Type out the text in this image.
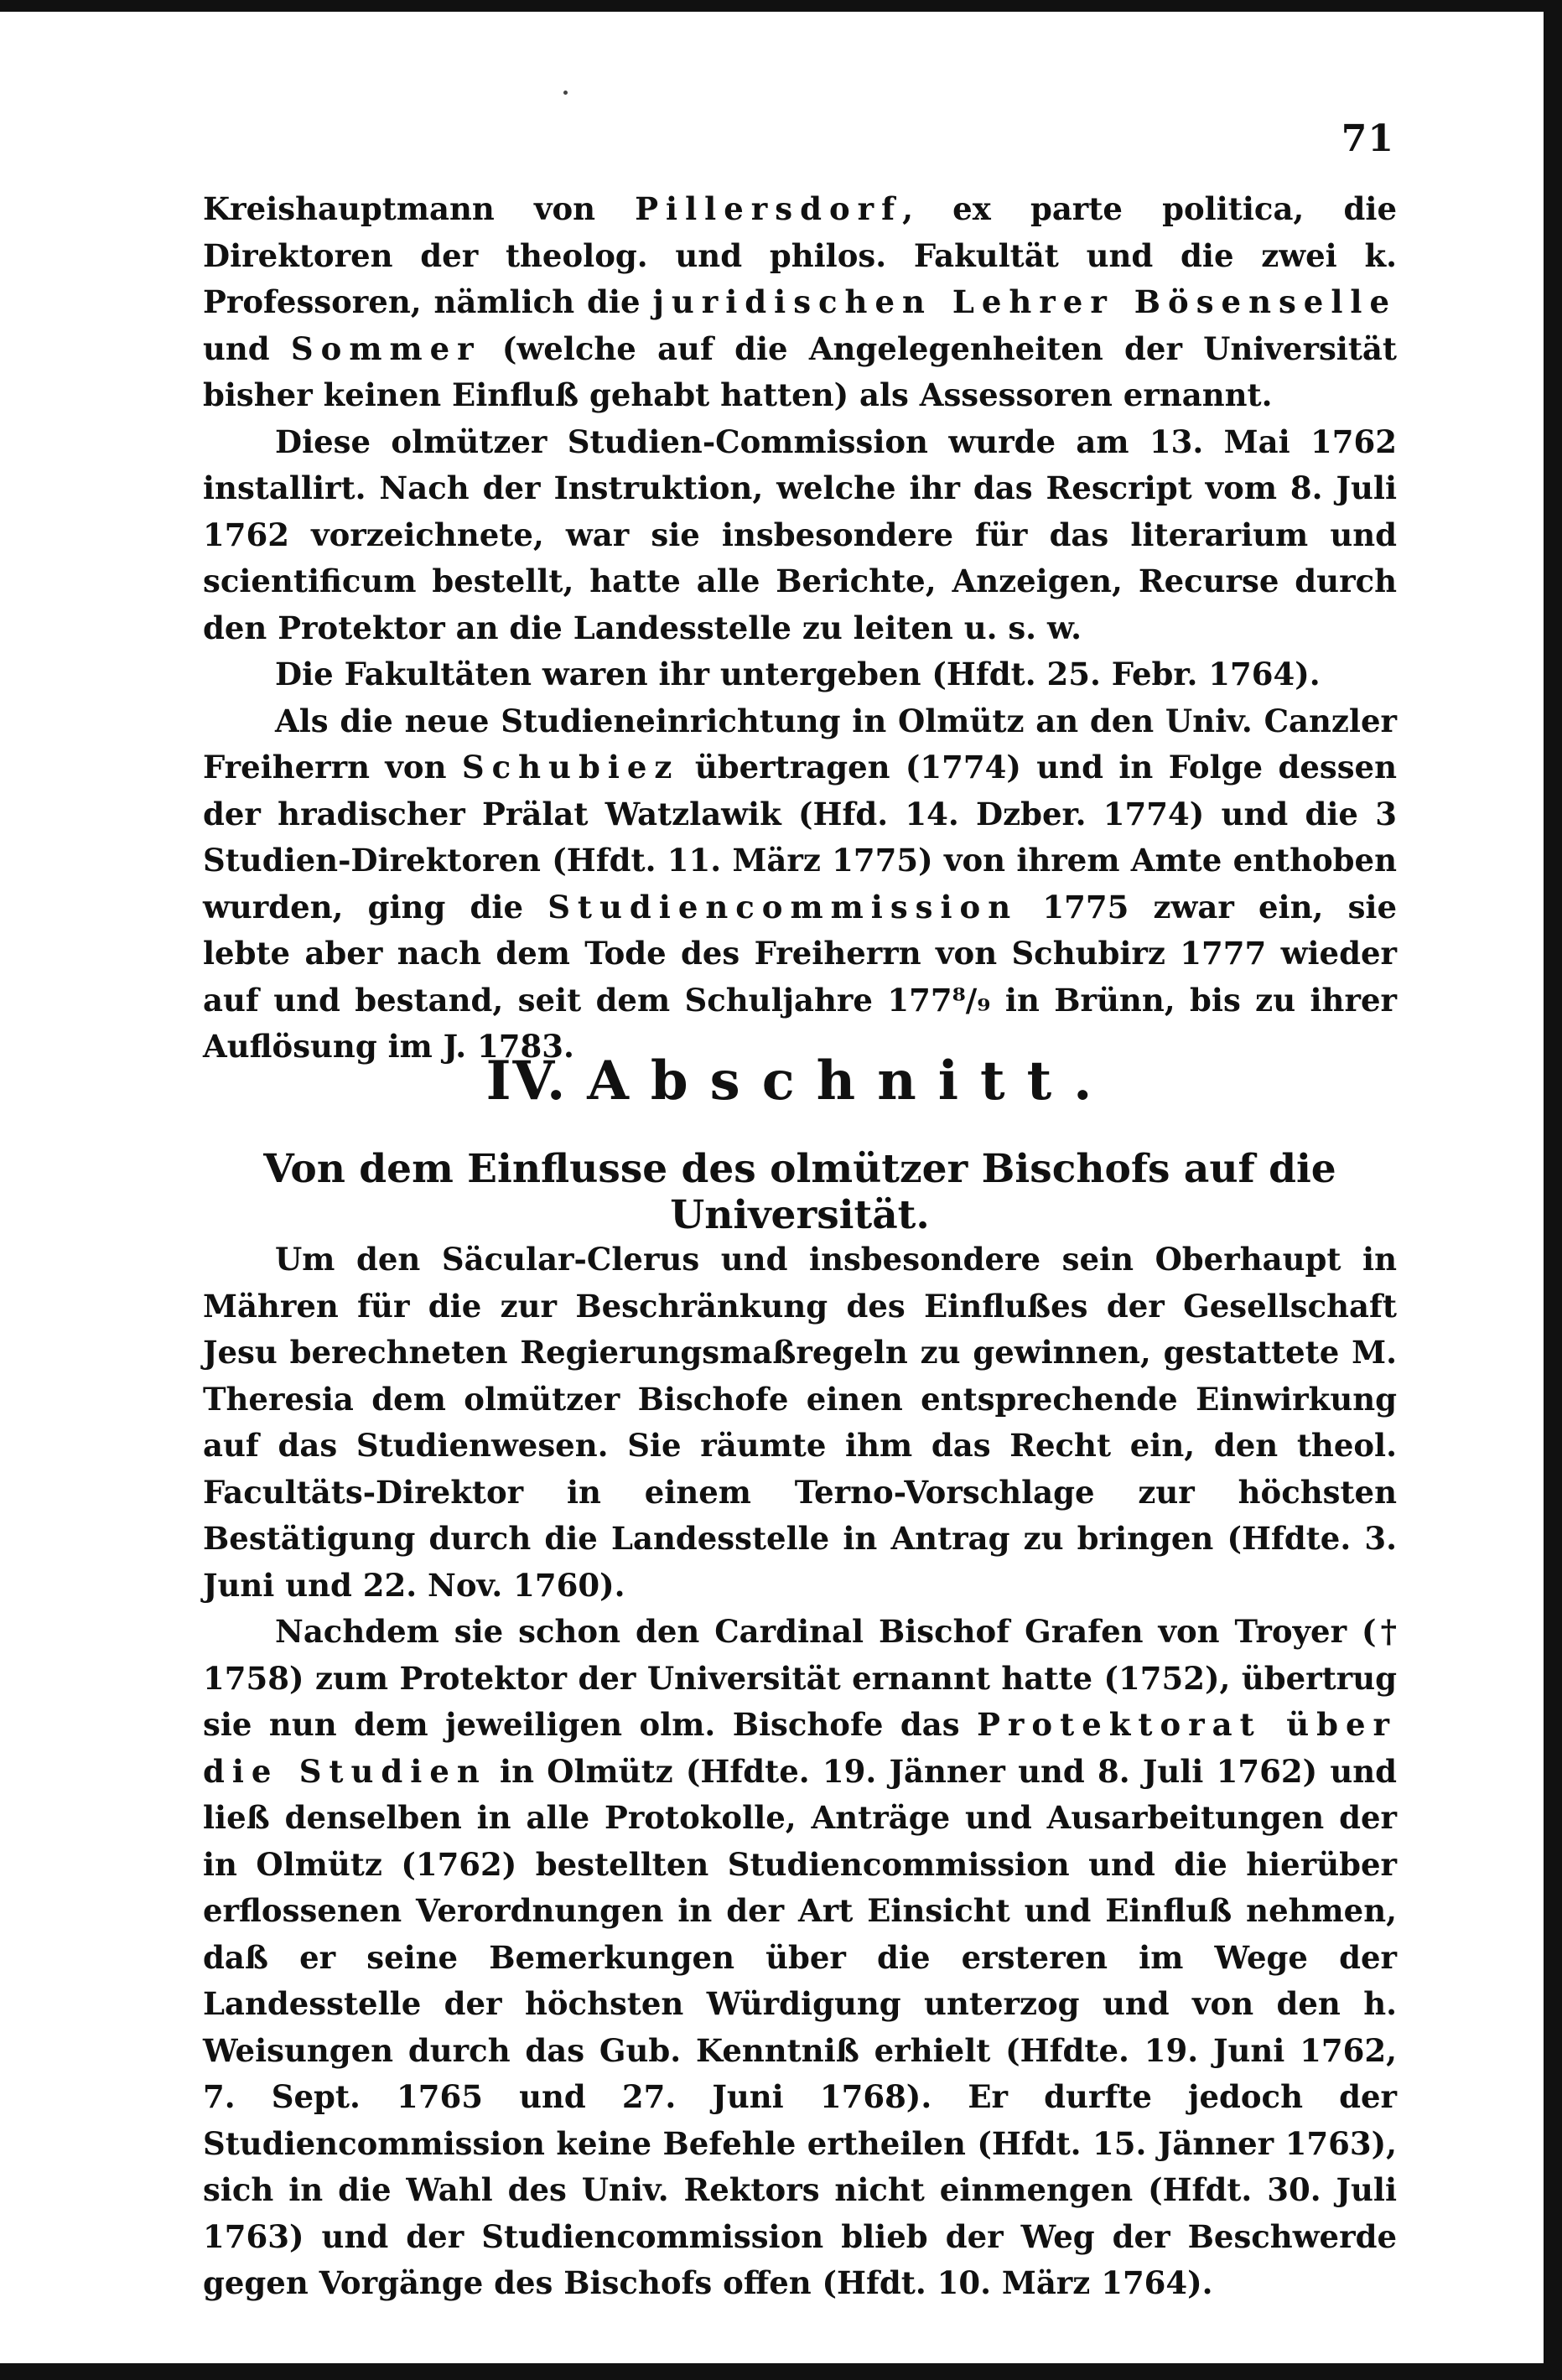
71

Kreishauptmann von Pillersdorf, ex parte politica, die Direktoren der theolog. und philos. Fakultät und die zwei k. Professoren, nämlich die juridischen Lehrer Bösenselle und Sommer (welche auf die Angelegenheiten der Universität bisher keinen Einfluß gehabt hatten) als Assessoren ernannt.

Diese olmützer Studien-Commission wurde am 13. Mai 1762 installirt. Nach der Instruktion, welche ihr das Rescript vom 8. Juli 1762 vorzeichnete, war sie insbesondere für das literarium und scientificum bestellt, hatte alle Berichte, Anzeigen, Recurse durch den Protektor an die Landesstelle zu leiten u. s. w.

Die Fakultäten waren ihr untergeben (Hfdt. 25. Febr. 1764).

Als die neue Studieneinrichtung in Olmütz an den Univ. Canzler Freiherrn von Schubiez übertragen (1774) und in Folge dessen der hradischer Prälat Watzlawik (Hfd. 14. Dzber. 1774) und die 3 Studien-Direktoren (Hfdt. 11. März 1775) von ihrem Amte enthoben wurden, ging die Studiencommission 1775 zwar ein, sie lebte aber nach dem Tode des Freiherrn von Schubirz 1777 wieder auf und bestand, seit dem Schuljahre 177⁸/₉ in Brünn, bis zu ihrer Auflösung im J. 1783.

IV. Abschnitt.
Von dem Einflusse des olmützer Bischofs auf die Universität.

Um den Säcular-Clerus und insbesondere sein Oberhaupt in Mähren für die zur Beschränkung des Einflußes der Gesellschaft Jesu berechneten Regierungsmaßregeln zu gewinnen, gestattete M. Theresia dem olmützer Bischofe einen entsprechende Einwirkung auf das Studienwesen. Sie räumte ihm das Recht ein, den theol. Facultäts-Direktor in einem Terno-Vorschlage zur höchsten Bestätigung durch die Landesstelle in Antrag zu bringen (Hfdte. 3. Juni und 22. Nov. 1760).

Nachdem sie schon den Cardinal Bischof Grafen von Troyer († 1758) zum Protektor der Universität ernannt hatte (1752), übertrug sie nun dem jeweiligen olm. Bischofe das Protektorat über die Studien in Olmütz (Hfdte. 19. Jänner und 8. Juli 1762) und ließ denselben in alle Protokolle, Anträge und Ausarbeitungen der in Olmütz (1762) bestellten Studiencommission und die hierüber erflossenen Verordnungen in der Art Einsicht und Einfluß nehmen, daß er seine Bemerkungen über die ersteren im Wege der Landesstelle der höchsten Würdigung unterzog und von den h. Weisungen durch das Gub. Kenntniß erhielt (Hfdte. 19. Juni 1762, 7. Sept. 1765 und 27. Juni 1768). Er durfte jedoch der Studiencommission keine Befehle ertheilen (Hfdt. 15. Jänner 1763), sich in die Wahl des Univ. Rektors nicht einmengen (Hfdt. 30. Juli 1763) und der Studiencommission blieb der Weg der Beschwerde gegen Vorgänge des Bischofs offen (Hfdt. 10. März 1764).
